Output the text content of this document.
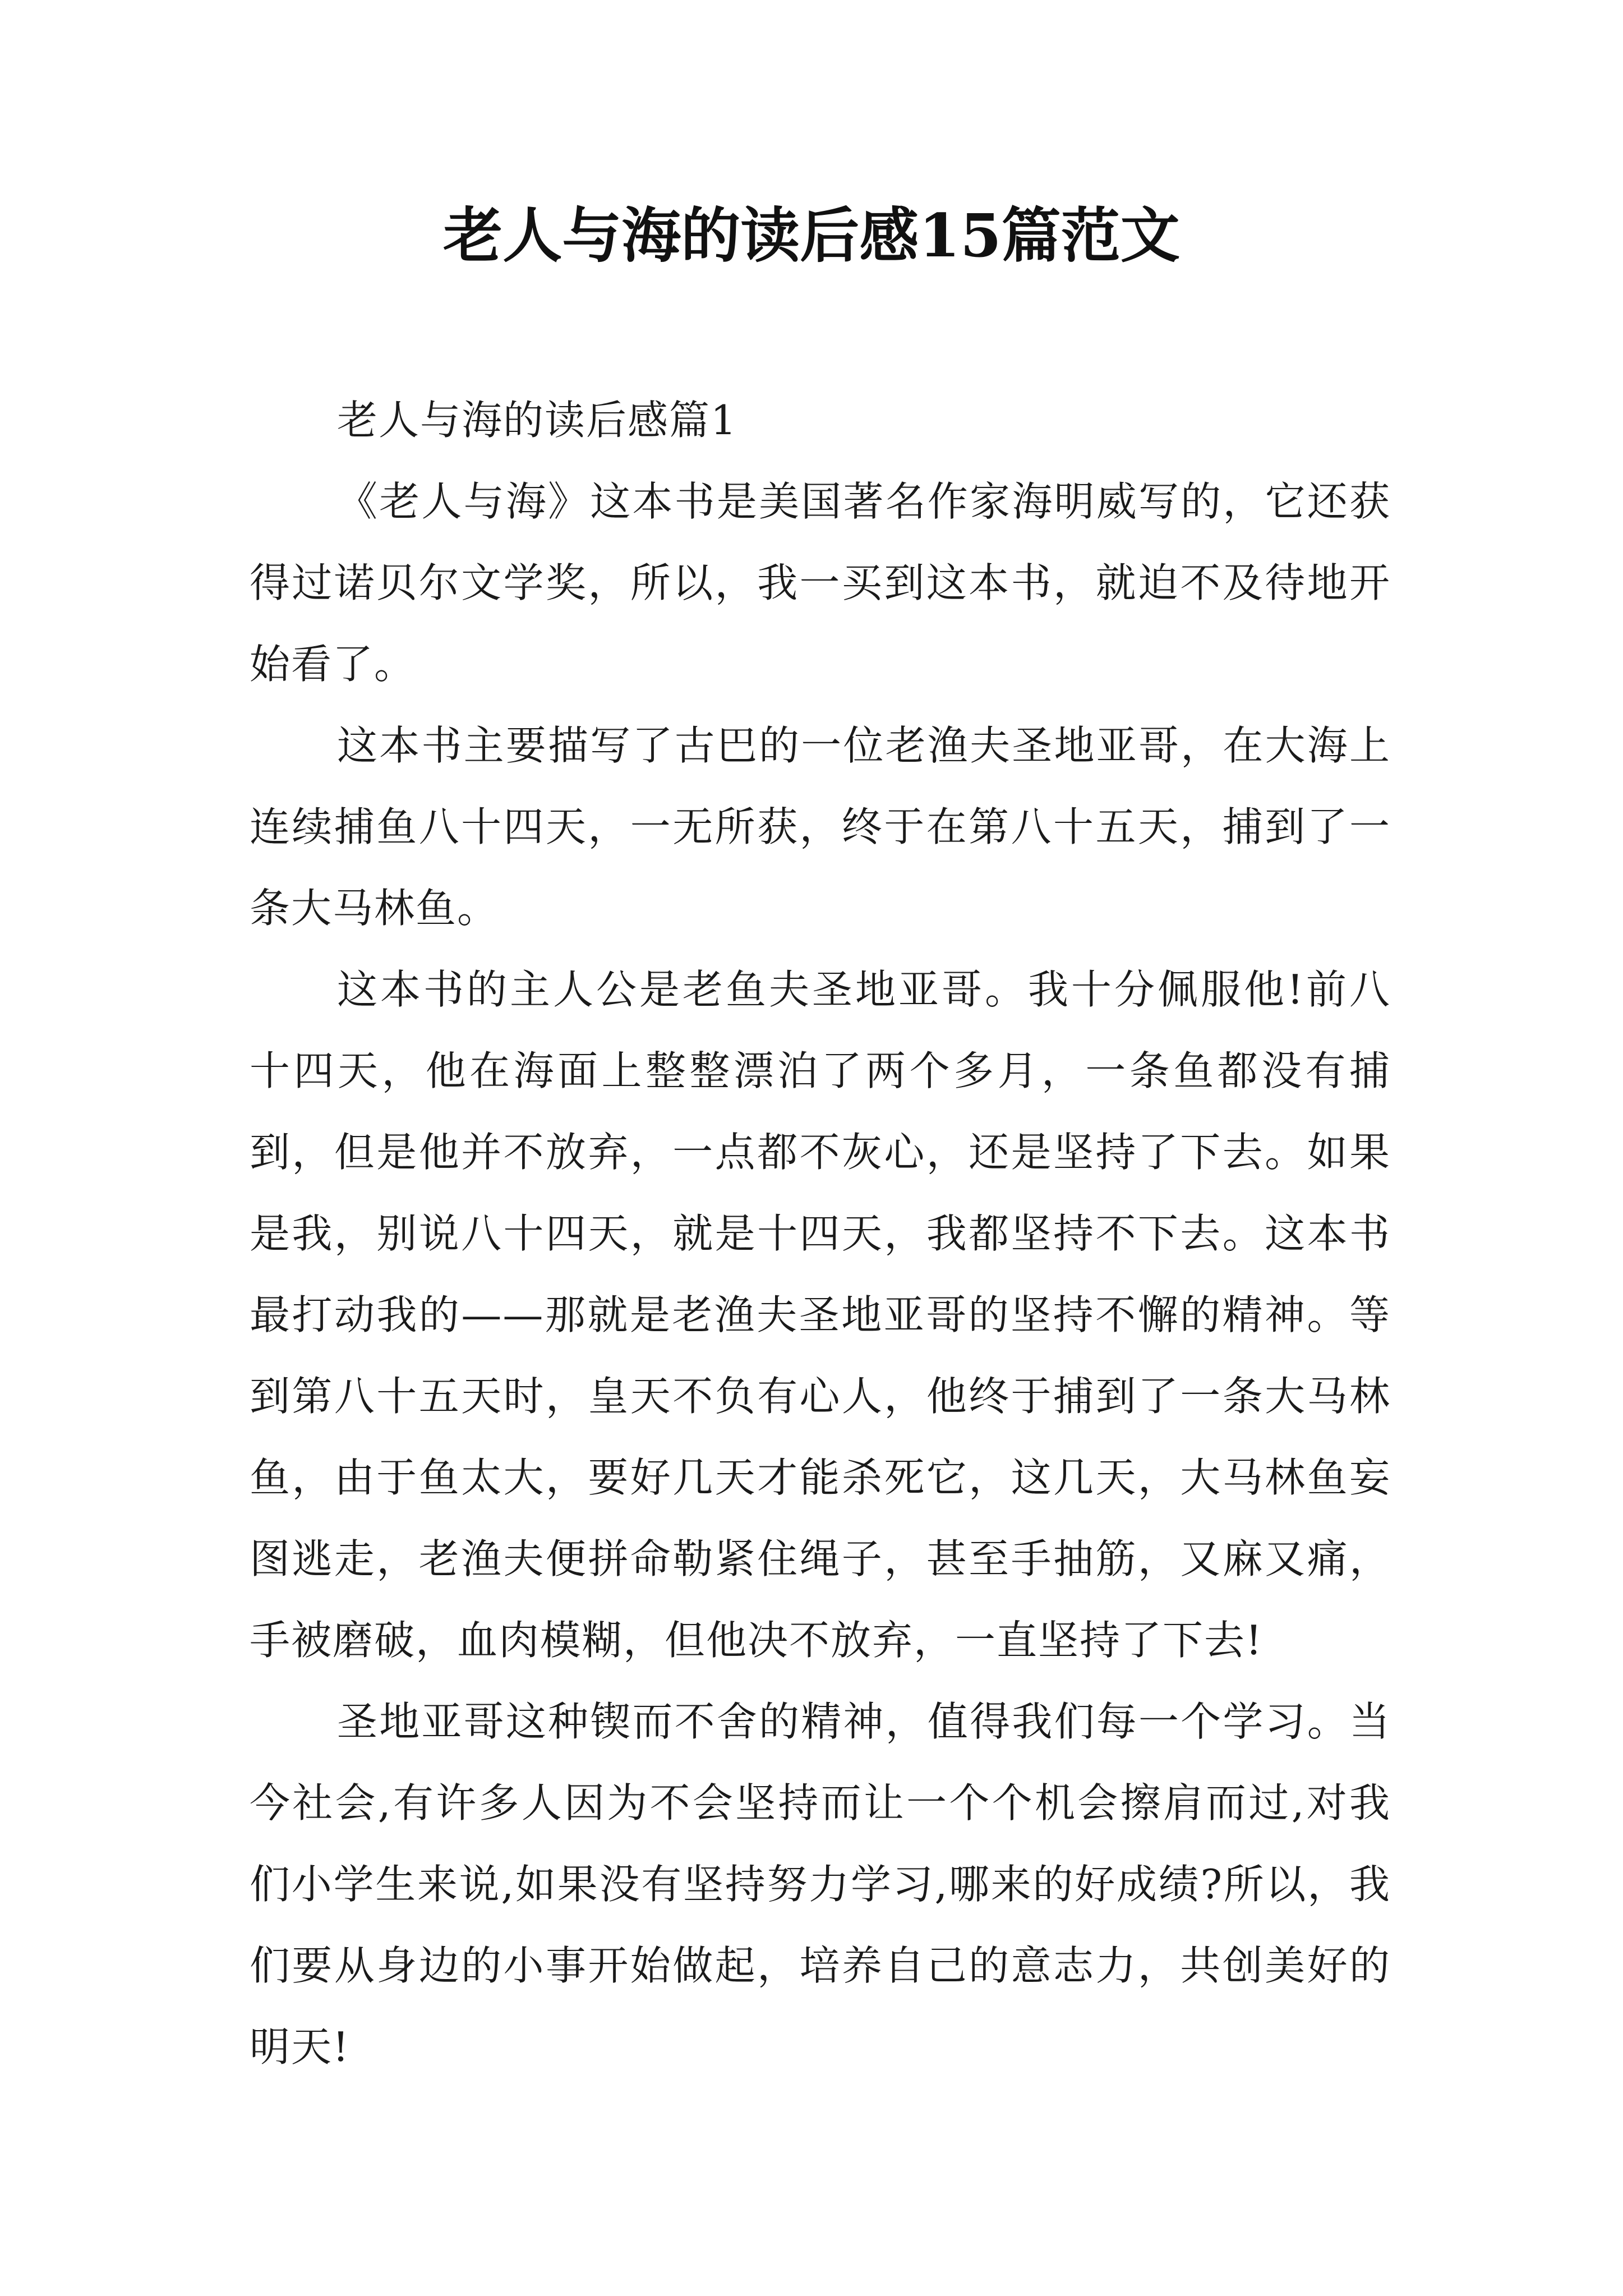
老人与海的读后感15篇范文

老人与海的读后感篇1

《老人与海》这本书是美国著名作家海明威写的，它还获得过诺贝尔文学奖，所以，我一买到这本书，就迫不及待地开始看了。

这本书主要描写了古巴的一位老渔夫圣地亚哥，在大海上连续捕鱼八十四天，一无所获，终于在第八十五天，捕到了一条大马林鱼。

这本书的主人公是老鱼夫圣地亚哥。我十分佩服他!前八十四天，他在海面上整整漂泊了两个多月，一条鱼都没有捕到，但是他并不放弃，一点都不灰心，还是坚持了下去。如果是我，别说八十四天，就是十四天，我都坚持不下去。这本书最打动我的——那就是老渔夫圣地亚哥的坚持不懈的精神。等到第八十五天时，皇天不负有心人，他终于捕到了一条大马林鱼，由于鱼太大，要好几天才能杀死它，这几天，大马林鱼妄图逃走，老渔夫便拼命勒紧住绳子，甚至手抽筋，又麻又痛，手被磨破，血肉模糊，但他决不放弃，一直坚持了下去!

圣地亚哥这种锲而不舍的精神，值得我们每一个学习。当今社会,有许多人因为不会坚持而让一个个机会擦肩而过,对我们小学生来说,如果没有坚持努力学习,哪来的好成绩?所以，我们要从身边的小事开始做起，培养自己的意志力，共创美好的明天!
